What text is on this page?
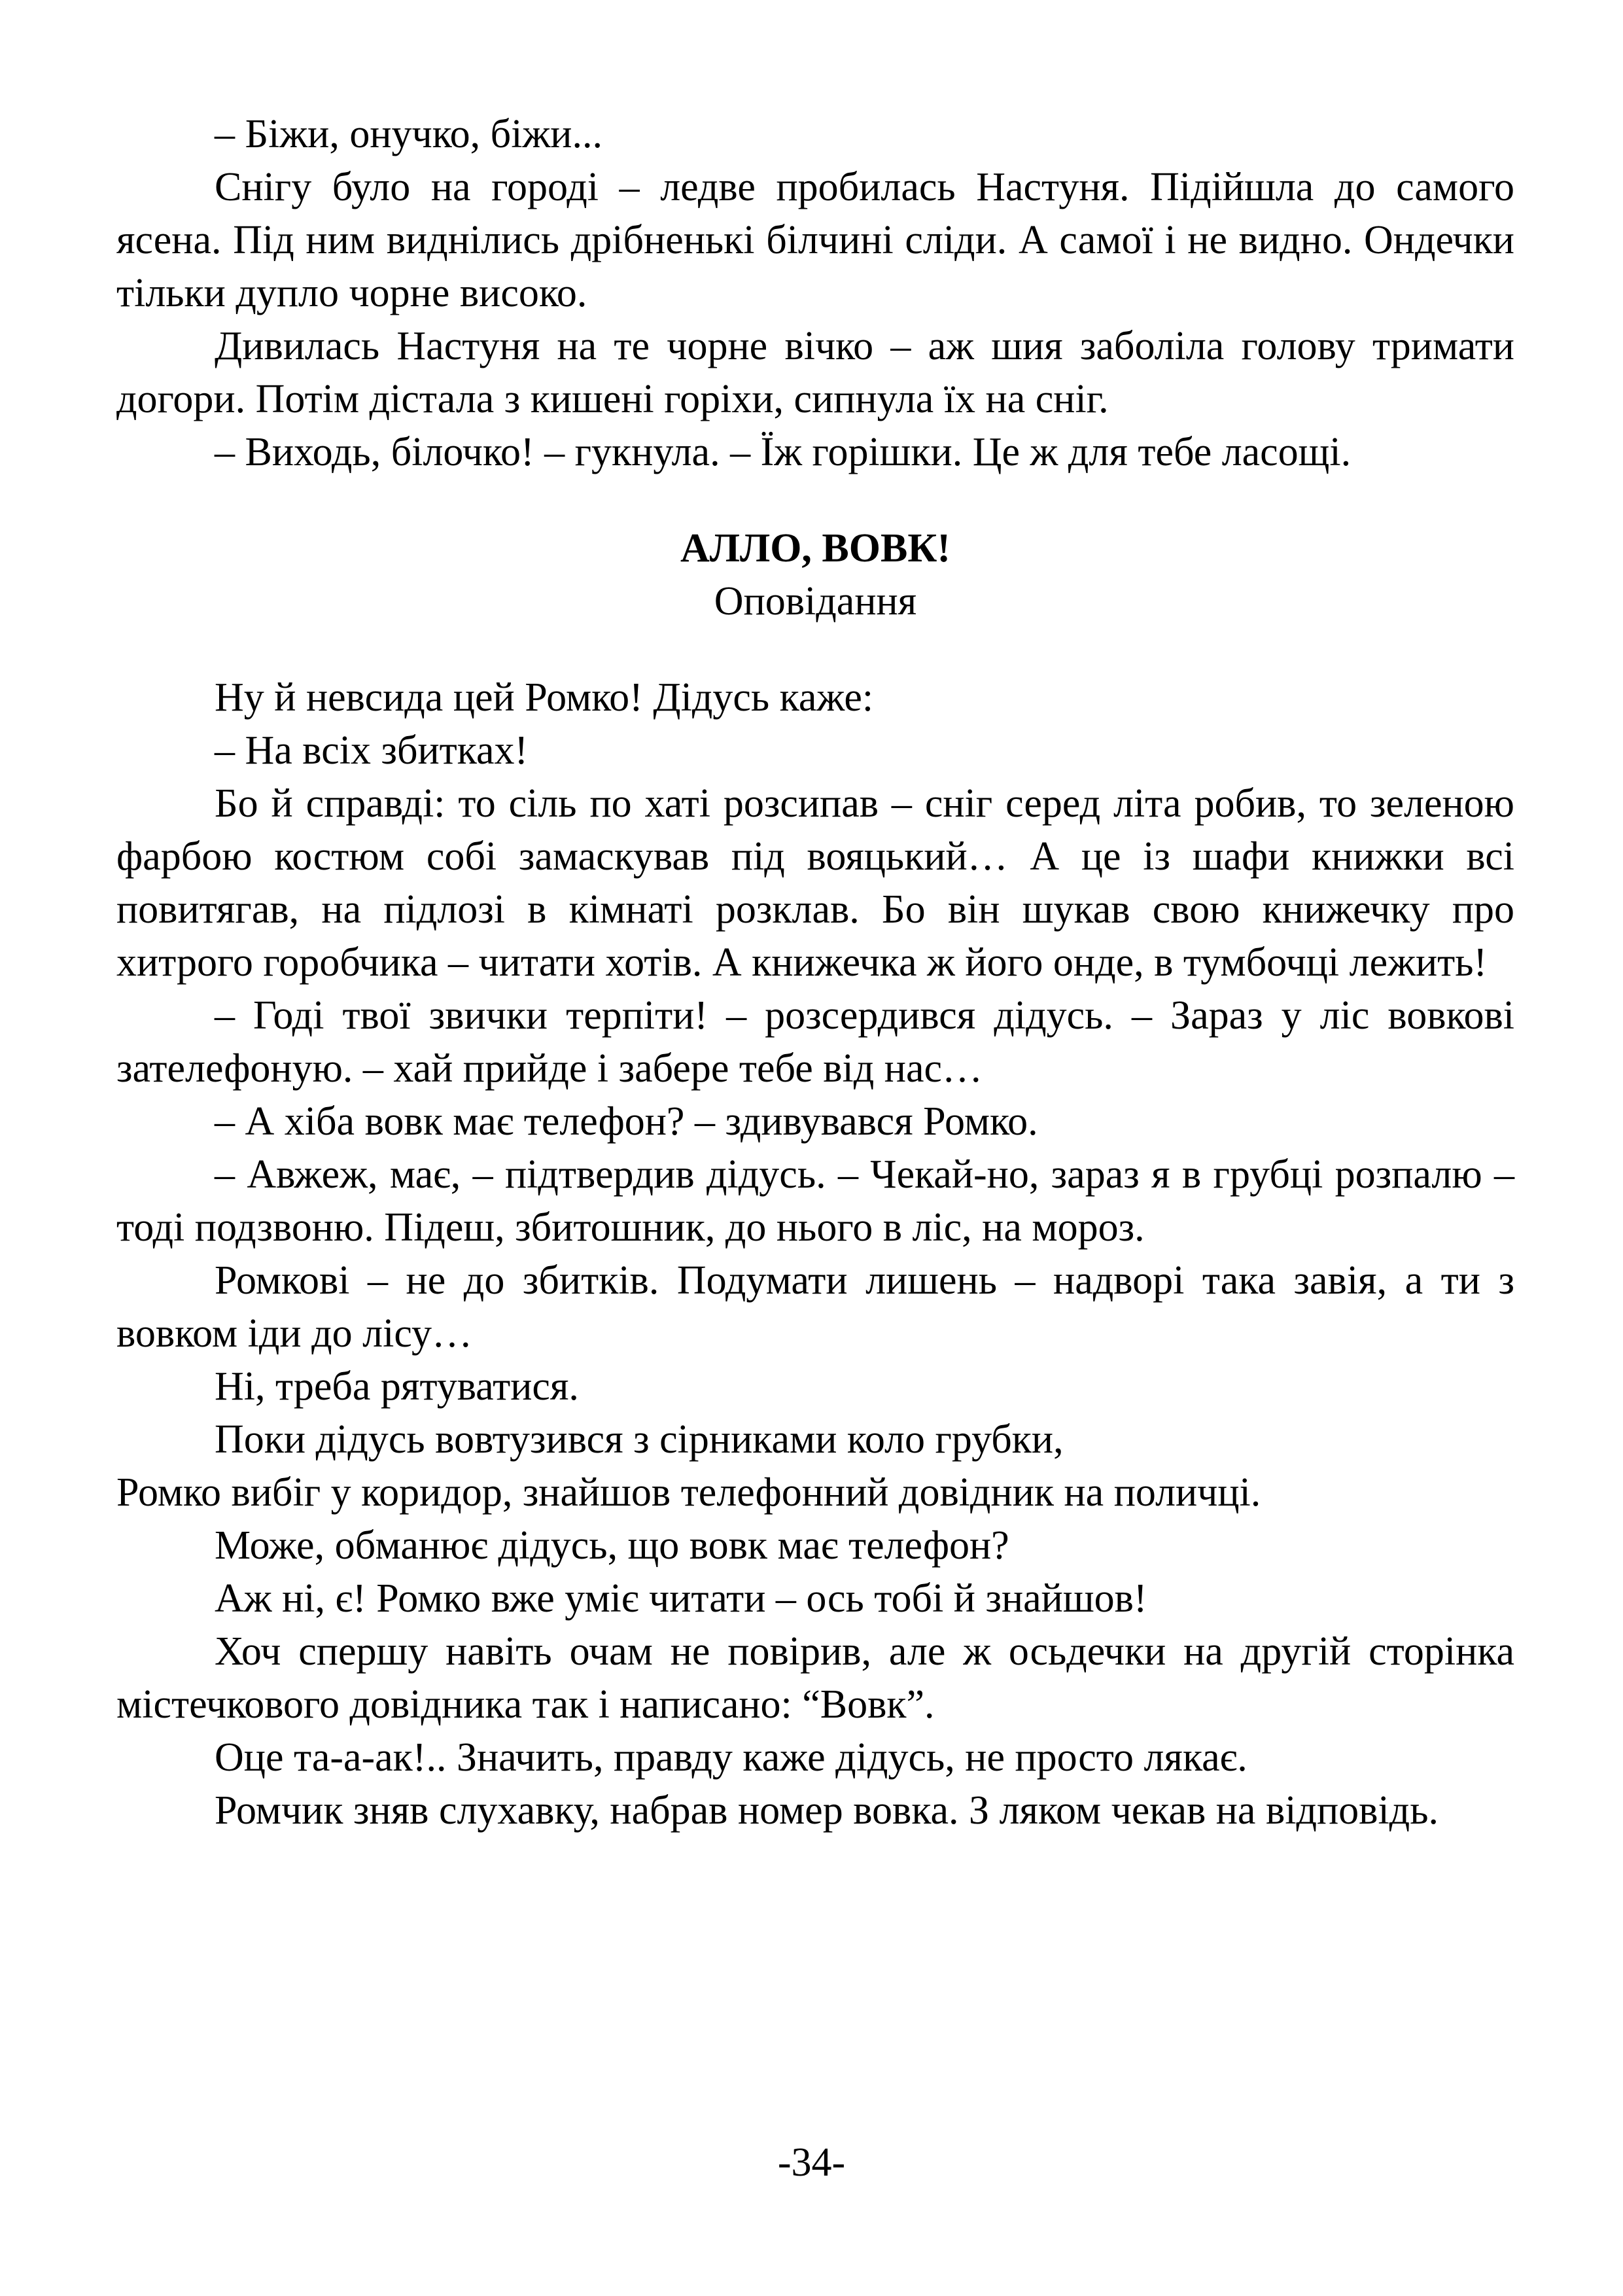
– Біжи, онучко, біжи...

Снігу було на городі – ледве пробилась Настуня. Підійшла до самого ясена. Під ним виднілись дрібненькі білчині сліди. А самої і не видно. Ондечки тільки дупло чорне високо.

Дивилась Настуня на те чорне вічко – аж шия заболіла голову тримати догори. Потім дістала з кишені горіхи, сипнула їх на сніг.

– Виходь, білочко! – гукнула. – Їж горішки. Це ж для тебе ласощі.

АЛЛО, ВОВК!

Оповідання

Ну й невсида цей Ромко! Дідусь каже:

– На всіх збитках!

Бо й справді: то сіль по хаті розсипав – сніг серед літа робив, то зеленою фарбою костюм собі замаскував під вояцький… А це із шафи книжки всі повитягав, на підлозі в кімнаті розклав. Бо він шукав свою книжечку про хитрого горобчика – читати хотів. А книжечка ж його онде, в тумбочці лежить!

– Годі твої звички терпіти! – розсердився дідусь. – Зараз у ліс вовкові зателефоную. – хай прийде і забере тебе від нас…

– А хіба вовк має телефон? – здивувався Ромко.

– Авжеж, має, – підтвердив дідусь. – Чекай-но, зараз я в грубці розпалю – тоді подзвоню. Підеш, збитошник, до нього в ліс, на мороз.

Ромкові – не до збитків. Подумати лишень – надворі така завія, а ти з вовком іди до лісу…

Ні, треба рятуватися.

Поки дідусь вовтузився з сірниками коло грубки,

Ромко вибіг у коридор, знайшов телефонний довідник на поличці.

Може, обманює дідусь, що вовк має телефон?

Аж ні, є! Ромко вже уміє читати – ось тобі й знайшов!

Хоч спершу навіть очам не повірив, але ж осьдечки на другій сторінка містечкового довідника так і написано: “Вовк”.

Оце та-а-ак!.. Значить, правду каже дідусь, не просто лякає.

Ромчик зняв слухавку, набрав номер вовка. З ляком чекав на відповідь.

-34-
